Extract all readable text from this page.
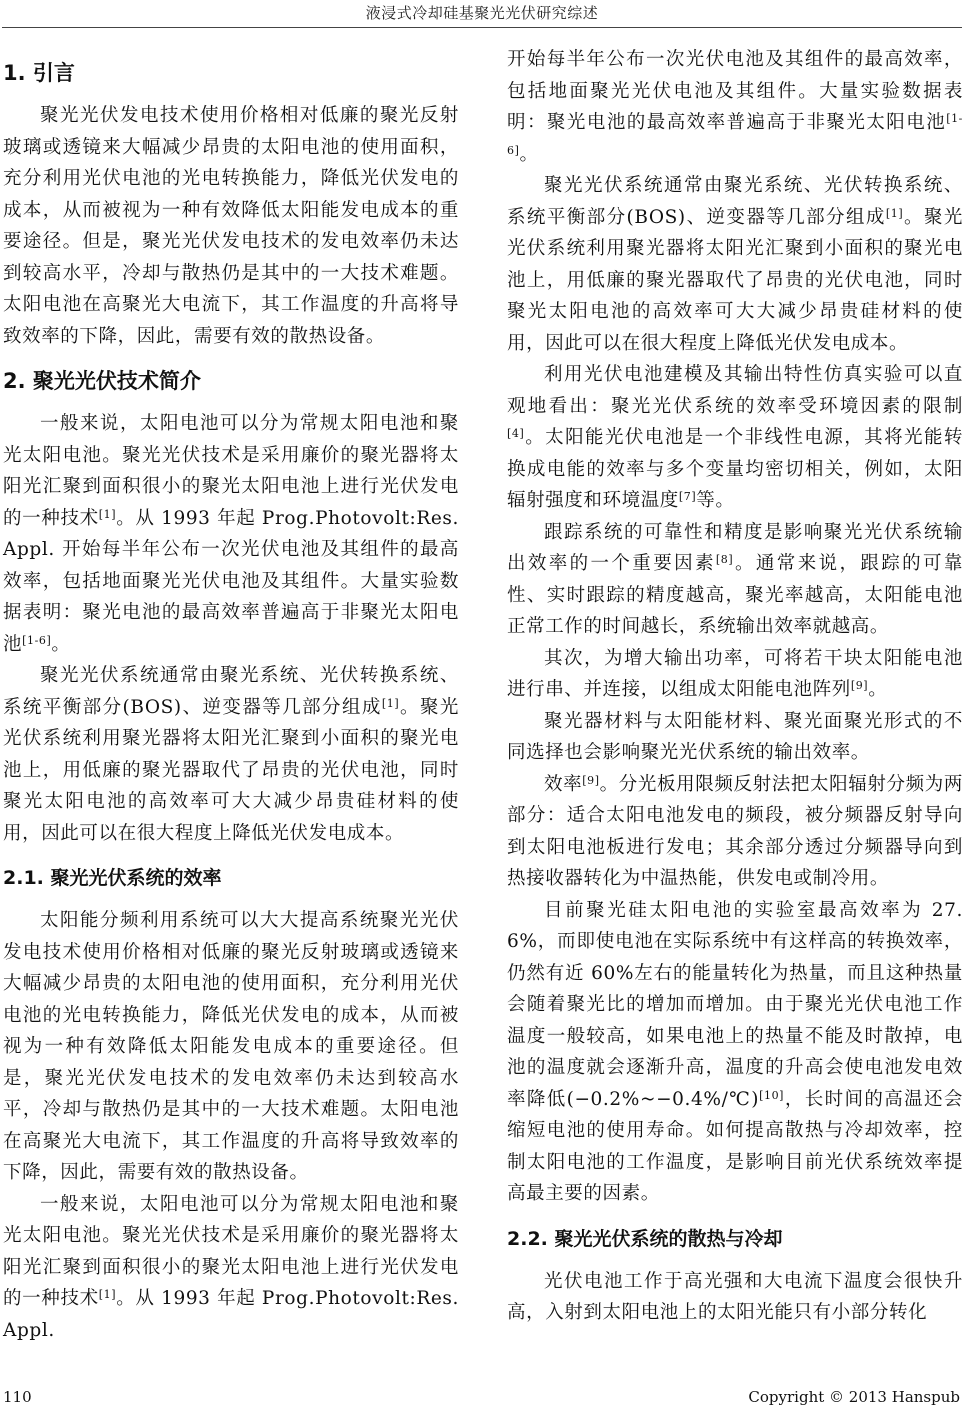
液浸式冷却硅基聚光光伏研究综述
1. 引言

聚光光伏发电技术使用价格相对低廉的聚光反射玻璃或透镜来大幅减少昂贵的太阳电池的使用面积，充分利用光伏电池的光电转换能力，降低光伏发电的成本，从而被视为一种有效降低太阳能发电成本的重要途径。但是，聚光光伏发电技术的发电效率仍未达到较高水平，冷却与散热仍是其中的一大技术难题。太阳电池在高聚光大电流下，其工作温度的升高将导致效率的下降，因此，需要有效的散热设备。

2. 聚光光伏技术简介

一般来说，太阳电池可以分为常规太阳电池和聚光太阳电池。聚光光伏技术是采用廉价的聚光器将太阳光汇聚到面积很小的聚光太阳电池上进行光伏发电的一种技术[1]。从 1993 年起 Prog.Photovolt:Res.Appl. 开始每半年公布一次光伏电池及其组件的最高效率，包括地面聚光光伏电池及其组件。大量实验数据表明：聚光电池的最高效率普遍高于非聚光太阳电池[1-6]。

聚光光伏系统通常由聚光系统、光伏转换系统、系统平衡部分(BOS)、逆变器等几部分组成[1]。聚光光伏系统利用聚光器将太阳光汇聚到小面积的聚光电池上，用低廉的聚光器取代了昂贵的光伏电池，同时聚光太阳电池的高效率可大大减少昂贵硅材料的使用，因此可以在很大程度上降低光伏发电成本。

2.1. 聚光光伏系统的效率

太阳能分频利用系统可以大大提高系统聚光光伏发电技术使用价格相对低廉的聚光反射玻璃或透镜来大幅减少昂贵的太阳电池的使用面积，充分利用光伏电池的光电转换能力，降低光伏发电的成本，从而被视为一种有效降低太阳能发电成本的重要途径。但是，聚光光伏发电技术的发电效率仍未达到较高水平，冷却与散热仍是其中的一大技术难题。太阳电池在高聚光大电流下，其工作温度的升高将导致效率的下降，因此，需要有效的散热设备。

一般来说，太阳电池可以分为常规太阳电池和聚光太阳电池。聚光光伏技术是采用廉价的聚光器将太阳光汇聚到面积很小的聚光太阳电池上进行光伏发电的一种技术[1]。从 1993 年起 Prog.Photovolt:Res.Appl.

开始每半年公布一次光伏电池及其组件的最高效率，包括地面聚光光伏电池及其组件。大量实验数据表明：聚光电池的最高效率普遍高于非聚光太阳电池[1-6]。

聚光光伏系统通常由聚光系统、光伏转换系统、系统平衡部分(BOS)、逆变器等几部分组成[1]。聚光光伏系统利用聚光器将太阳光汇聚到小面积的聚光电池上，用低廉的聚光器取代了昂贵的光伏电池，同时聚光太阳电池的高效率可大大减少昂贵硅材料的使用，因此可以在很大程度上降低光伏发电成本。

利用光伏电池建模及其输出特性仿真实验可以直观地看出：聚光光伏系统的效率受环境因素的限制[4]。太阳能光伏电池是一个非线性电源，其将光能转换成电能的效率与多个变量均密切相关，例如，太阳辐射强度和环境温度[7]等。

跟踪系统的可靠性和精度是影响聚光光伏系统输出效率的一个重要因素[8]。通常来说，跟踪的可靠性、实时跟踪的精度越高，聚光率越高，太阳能电池正常工作的时间越长，系统输出效率就越高。

其次，为增大输出功率，可将若干块太阳能电池进行串、并连接，以组成太阳能电池阵列[9]。

聚光器材料与太阳能材料、聚光面聚光形式的不同选择也会影响聚光光伏系统的输出效率。

效率[9]。分光板用限频反射法把太阳辐射分频为两部分：适合太阳电池发电的频段，被分频器反射导向到太阳电池板进行发电；其余部分透过分频器导向到热接收器转化为中温热能，供发电或制冷用。

目前聚光硅太阳电池的实验室最高效率为 27.6%，而即使电池在实际系统中有这样高的转换效率，仍然有近 60%左右的能量转化为热量，而且这种热量会随着聚光比的增加而增加。由于聚光光伏电池工作温度一般较高，如果电池上的热量不能及时散掉，电池的温度就会逐渐升高，温度的升高会使电池发电效率降低(−0.2%~−0.4%/℃)[10]，长时间的高温还会缩短电池的使用寿命。如何提高散热与冷却效率，控制太阳电池的工作温度，是影响目前光伏系统效率提高最主要的因素。

2.2. 聚光光伏系统的散热与冷却

光伏电池工作于高光强和大电流下温度会很快升高，入射到太阳电池上的太阳光能只有小部分转化

110	Copyright © 2013 Hanspub
